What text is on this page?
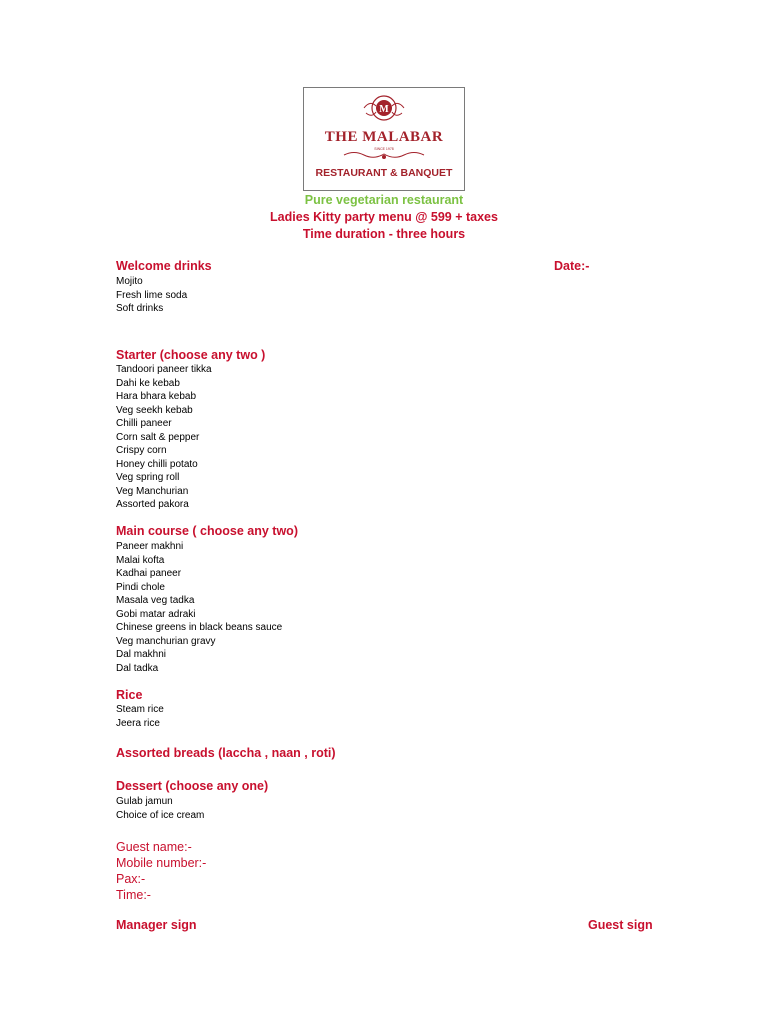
M
THE MALABAR
SINCE 1978
RESTAURANT & BANQUET
Pure vegetarian restaurant
Ladies Kitty party menu @ 599 + taxes
Time duration - three hours
Welcome drinks	Date:-
Mojito
Fresh lime soda
Soft drinks
Starter (choose any two )
Tandoori paneer tikka
Dahi ke kebab
Hara bhara kebab
Veg seekh kebab
Chilli paneer
Corn salt & pepper
Crispy corn
Honey chilli potato
Veg spring roll
Veg Manchurian
Assorted pakora
Main course ( choose any two)
Paneer makhni
Malai kofta
Kadhai paneer
Pindi chole
Masala veg tadka
Gobi matar adraki
Chinese greens in black beans sauce
Veg manchurian gravy
Dal makhni
Dal tadka
Rice
Steam rice
Jeera rice
Assorted breads (laccha , naan , roti)
Dessert (choose any one)
Gulab jamun
Choice of ice cream
Guest name:-
Mobile number:-
Pax:-
Time:-
Manager sign	Guest sign
